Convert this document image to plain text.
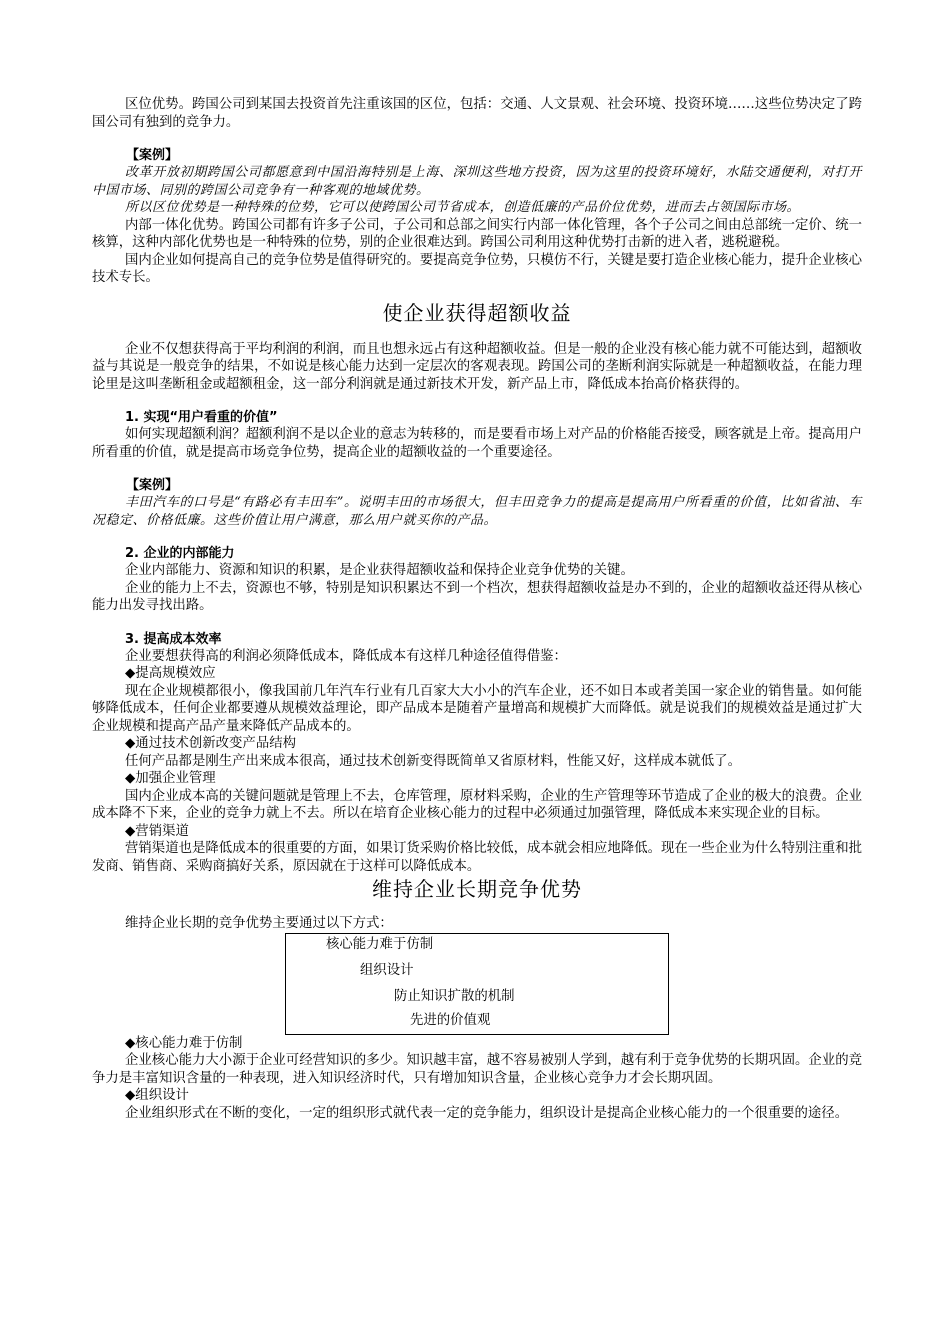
区位优势。跨国公司到某国去投资首先注重该国的区位，包括：交通、人文景观、社会环境、投资环境……这些位势决定了跨国公司有独到的竞争力。

【案例】

改革开放初期跨国公司都愿意到中国沿海特别是上海、深圳这些地方投资，因为这里的投资环境好，水陆交通便利，对打开中国市场、同别的跨国公司竞争有一种客观的地域优势。

所以区位优势是一种特殊的位势，它可以使跨国公司节省成本，创造低廉的产品价位优势，进而去占领国际市场。

内部一体化优势。跨国公司都有许多子公司，子公司和总部之间实行内部一体化管理，各个子公司之间由总部统一定价、统一核算，这种内部化优势也是一种特殊的位势，别的企业很难达到。跨国公司利用这种优势打击新的进入者，逃税避税。

国内企业如何提高自己的竞争位势是值得研究的。要提高竞争位势，只模仿不行，关键是要打造企业核心能力，提升企业核心技术专长。

使企业获得超额收益

企业不仅想获得高于平均利润的利润，而且也想永远占有这种超额收益。但是一般的企业没有核心能力就不可能达到，超额收益与其说是一般竞争的结果，不如说是核心能力达到一定层次的客观表现。跨国公司的垄断利润实际就是一种超额收益，在能力理论里是这叫垄断租金或超额租金，这一部分利润就是通过新技术开发，新产品上市，降低成本抬高价格获得的。

1. 实现“用户看重的价值”

如何实现超额利润？超额利润不是以企业的意志为转移的，而是要看市场上对产品的价格能否接受，顾客就是上帝。提高用户所看重的价值，就是提高市场竞争位势，提高企业的超额收益的一个重要途径。

【案例】

丰田汽车的口号是“有路必有丰田车”。说明丰田的市场很大，但丰田竞争力的提高是提高用户所看重的价值，比如省油、车况稳定、价格低廉。这些价值让用户满意，那么用户就买你的产品。

2. 企业的内部能力

企业内部能力、资源和知识的积累，是企业获得超额收益和保持企业竞争优势的关键。

企业的能力上不去，资源也不够，特别是知识积累达不到一个档次，想获得超额收益是办不到的，企业的超额收益还得从核心能力出发寻找出路。

3. 提高成本效率

企业要想获得高的利润必须降低成本，降低成本有这样几种途径值得借鉴：

◆提高规模效应

现在企业规模都很小，像我国前几年汽车行业有几百家大大小小的汽车企业，还不如日本或者美国一家企业的销售量。如何能够降低成本，任何企业都要遵从规模效益理论，即产品成本是随着产量增高和规模扩大而降低。就是说我们的规模效益是通过扩大企业规模和提高产品产量来降低产品成本的。

◆通过技术创新改变产品结构

任何产品都是刚生产出来成本很高，通过技术创新变得既简单又省原材料，性能又好，这样成本就低了。

◆加强企业管理

国内企业成本高的关键问题就是管理上不去，仓库管理，原材料采购，企业的生产管理等环节造成了企业的极大的浪费。企业成本降不下来，企业的竞争力就上不去。所以在培育企业核心能力的过程中必须通过加强管理，降低成本来实现企业的目标。

◆营销渠道

营销渠道也是降低成本的很重要的方面，如果订货采购价格比较低，成本就会相应地降低。现在一些企业为什么特别注重和批发商、销售商、采购商搞好关系，原因就在于这样可以降低成本。

维持企业长期竞争优势

维持企业长期的竞争优势主要通过以下方式：

核心能力难于仿制
组织设计
防止知识扩散的机制
先进的价值观

◆核心能力难于仿制

企业核心能力大小源于企业可经营知识的多少。知识越丰富，越不容易被别人学到，越有利于竞争优势的长期巩固。企业的竞争力是丰富知识含量的一种表现，进入知识经济时代，只有增加知识含量，企业核心竞争力才会长期巩固。

◆组织设计

企业组织形式在不断的变化，一定的组织形式就代表一定的竞争能力，组织设计是提高企业核心能力的一个很重要的途径。
